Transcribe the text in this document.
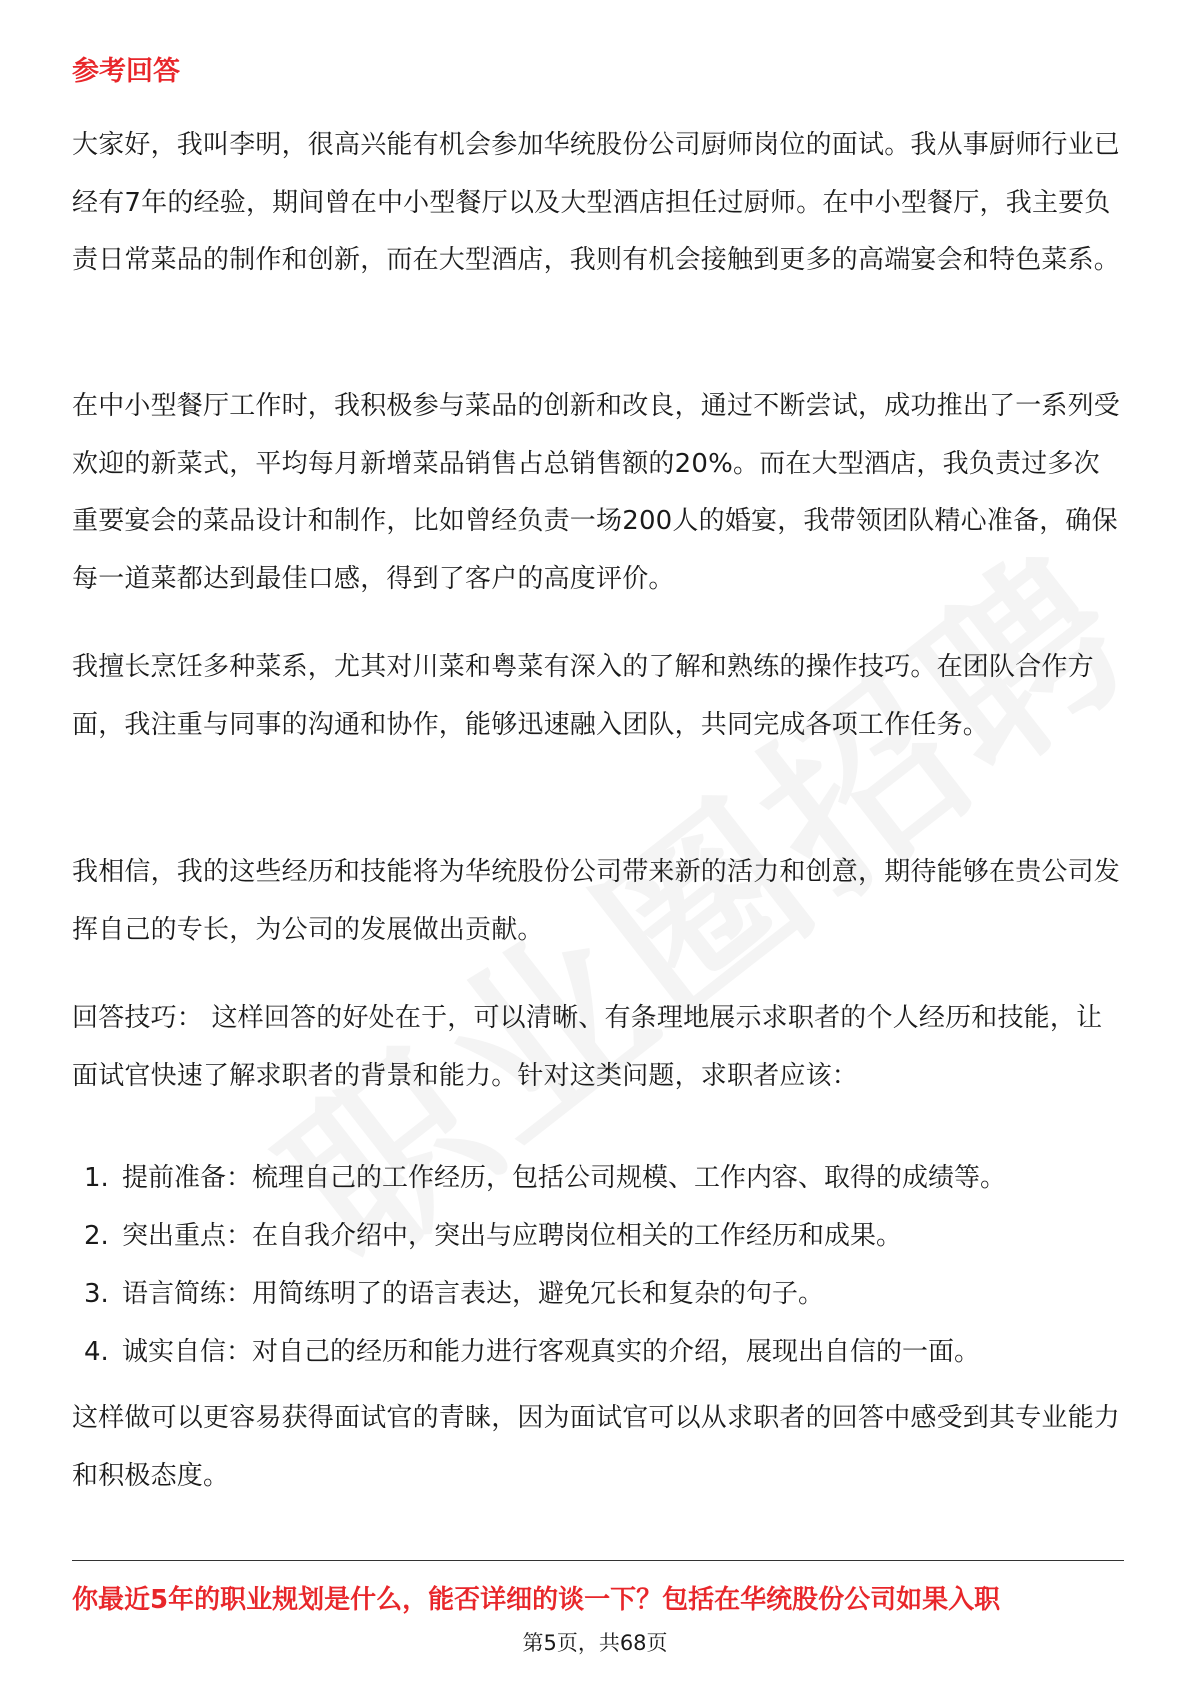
参考回答

大家好，我叫李明，很高兴能有机会参加华统股份公司厨师岗位的面试。我从事厨师行业已经有7年的经验，期间曾在中小型餐厅以及大型酒店担任过厨师。在中小型餐厅，我主要负责日常菜品的制作和创新，而在大型酒店，我则有机会接触到更多的高端宴会和特色菜系。

在中小型餐厅工作时，我积极参与菜品的创新和改良，通过不断尝试，成功推出了一系列受欢迎的新菜式，平均每月新增菜品销售占总销售额的20%。而在大型酒店，我负责过多次重要宴会的菜品设计和制作，比如曾经负责一场200人的婚宴，我带领团队精心准备，确保每一道菜都达到最佳口感，得到了客户的高度评价。

我擅长烹饪多种菜系，尤其对川菜和粤菜有深入的了解和熟练的操作技巧。在团队合作方面，我注重与同事的沟通和协作，能够迅速融入团队，共同完成各项工作任务。

我相信，我的这些经历和技能将为华统股份公司带来新的活力和创意，期待能够在贵公司发挥自己的专长，为公司的发展做出贡献。

回答技巧： 这样回答的好处在于，可以清晰、有条理地展示求职者的个人经历和技能，让面试官快速了解求职者的背景和能力。针对这类问题，求职者应该：

1. 提前准备：梳理自己的工作经历，包括公司规模、工作内容、取得的成绩等。
2. 突出重点：在自我介绍中，突出与应聘岗位相关的工作经历和成果。
3. 语言简练：用简练明了的语言表达，避免冗长和复杂的句子。
4. 诚实自信：对自己的经历和能力进行客观真实的介绍，展现出自信的一面。

这样做可以更容易获得面试官的青睐，因为面试官可以从求职者的回答中感受到其专业能力和积极态度。

你最近5年的职业规划是什么，能否详细的谈一下？包括在华统股份公司如果入职

第5页，共68页
